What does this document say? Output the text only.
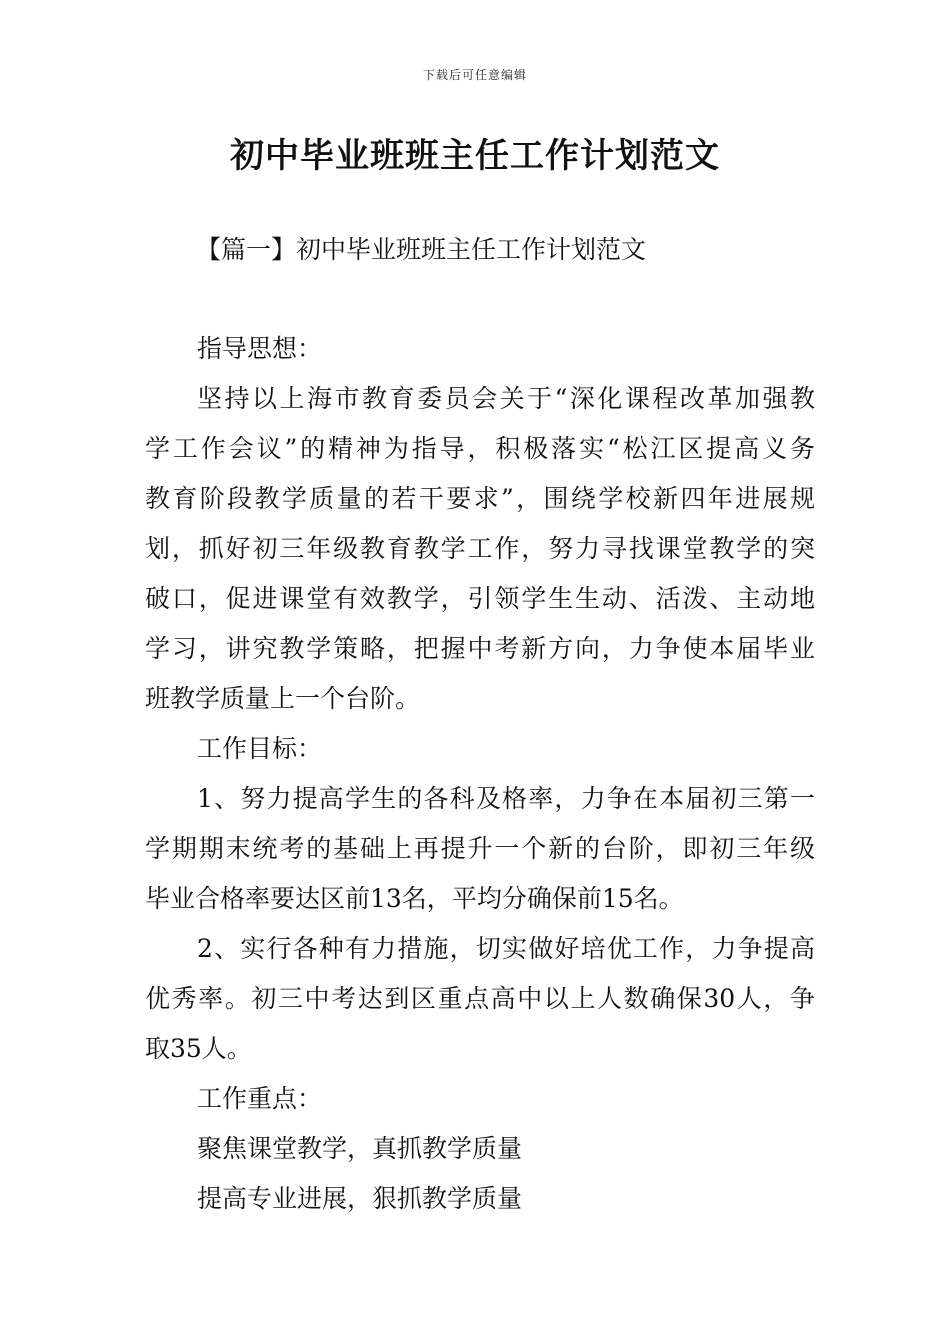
下载后可任意编辑
初中毕业班班主任工作计划范文
【篇一】初中毕业班班主任工作计划范文
指导思想：
坚持以上海市教育委员会关于“深化课程改革加强教
学工作会议”的精神为指导，积极落实“松江区提高义务
教育阶段教学质量的若干要求”，围绕学校新四年进展规
划，抓好初三年级教育教学工作，努力寻找课堂教学的突
破口，促进课堂有效教学，引领学生生动、活泼、主动地
学习，讲究教学策略，把握中考新方向，力争使本届毕业
班教学质量上一个台阶。
工作目标：
1、努力提高学生的各科及格率，力争在本届初三第一
学期期末统考的基础上再提升一个新的台阶，即初三年级
毕业合格率要达区前13名，平均分确保前15名。
2、实行各种有力措施，切实做好培优工作，力争提高
优秀率。初三中考达到区重点高中以上人数确保30人，争
取35人。
工作重点：
聚焦课堂教学，真抓教学质量
提高专业进展，狠抓教学质量
